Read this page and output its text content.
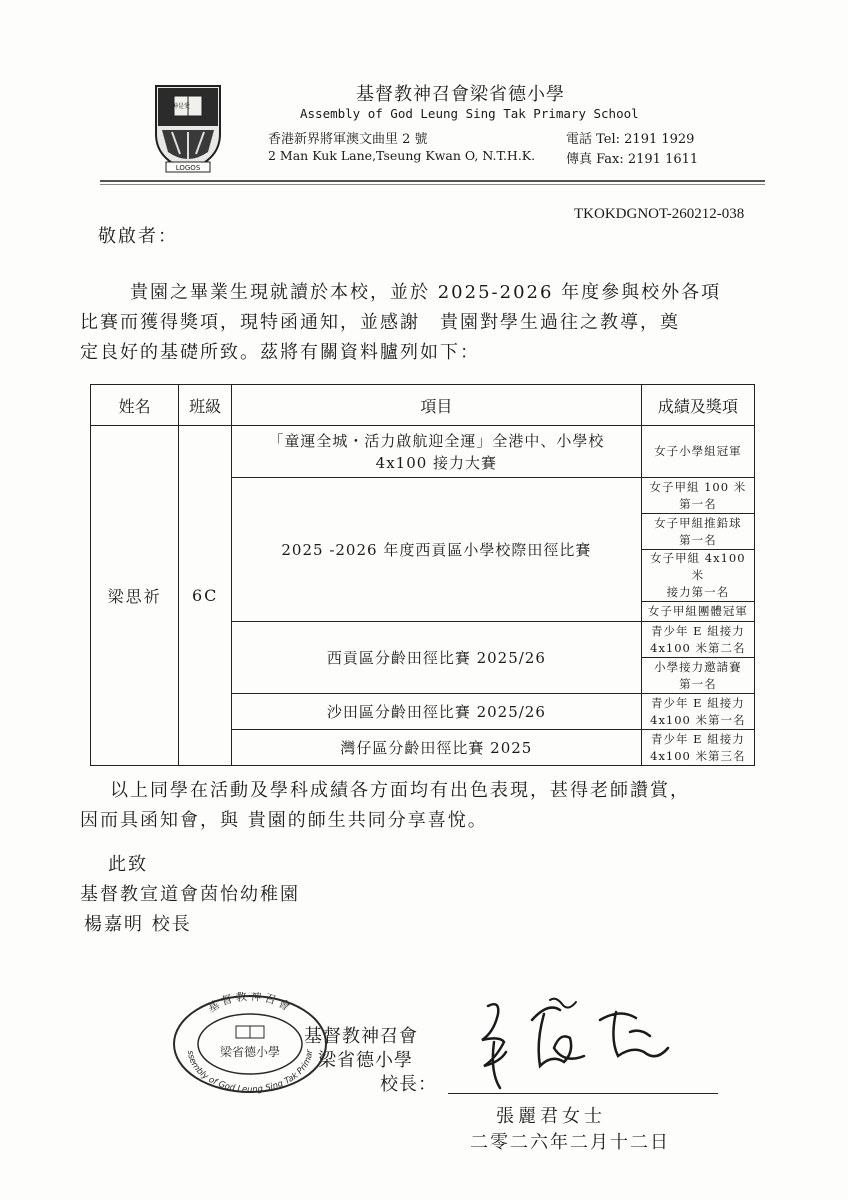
神是愛
LOGOS
基督教神召會梁省德小學
Assembly of God Leung Sing Tak Primary School
香港新界將軍澳文曲里 2 號
2 Man Kuk Lane,Tseung Kwan O, N.T.H.K.
電話 Tel: 2191 1929
傳真 Fax: 2191 1611
TKOKDGNOT-260212-038
敬啟者：
貴園之畢業生現就讀於本校，並於 2025-2026 年度參與校外各項
比賽而獲得獎項，現特函通知，並感謝　貴園對學生過往之教導，奠
定良好的基礎所致。茲將有關資料臚列如下：
姓名	班級	項目	成績及獎項
梁思祈	6C	「童運全城・活力啟航迎全運」全港中、小學校
4x100 接力大賽	女子小學組冠軍

		2025 -2026 年度西貢區小學校際田徑比賽	女子甲組 100 米
第一名

			女子甲組推鉛球
第一名

			女子甲組 4x100 米
接力第一名

			女子甲組團體冠軍

		西貢區分齡田徑比賽 2025/26	青少年 E 組接力
4x100 米第二名

			小學接力邀請賽
第一名

		沙田區分齡田徑比賽 2025/26	青少年 E 組接力
4x100 米第一名

		灣仔區分齡田徑比賽 2025	青少年 E 組接力
4x100 米第三名
以上同學在活動及學科成績各方面均有出色表現，甚得老師讚賞，
因而具函知會，與 貴園的師生共同分享喜悅。
此致
基督教宣道會茵怡幼稚園
楊嘉明 校長
基督教神召會
ssembly of God Leung Sing Tak Primar
梁省德小學
基督教神召會
梁省德小學
校長：
張麗君女士
二零二六年二月十二日
